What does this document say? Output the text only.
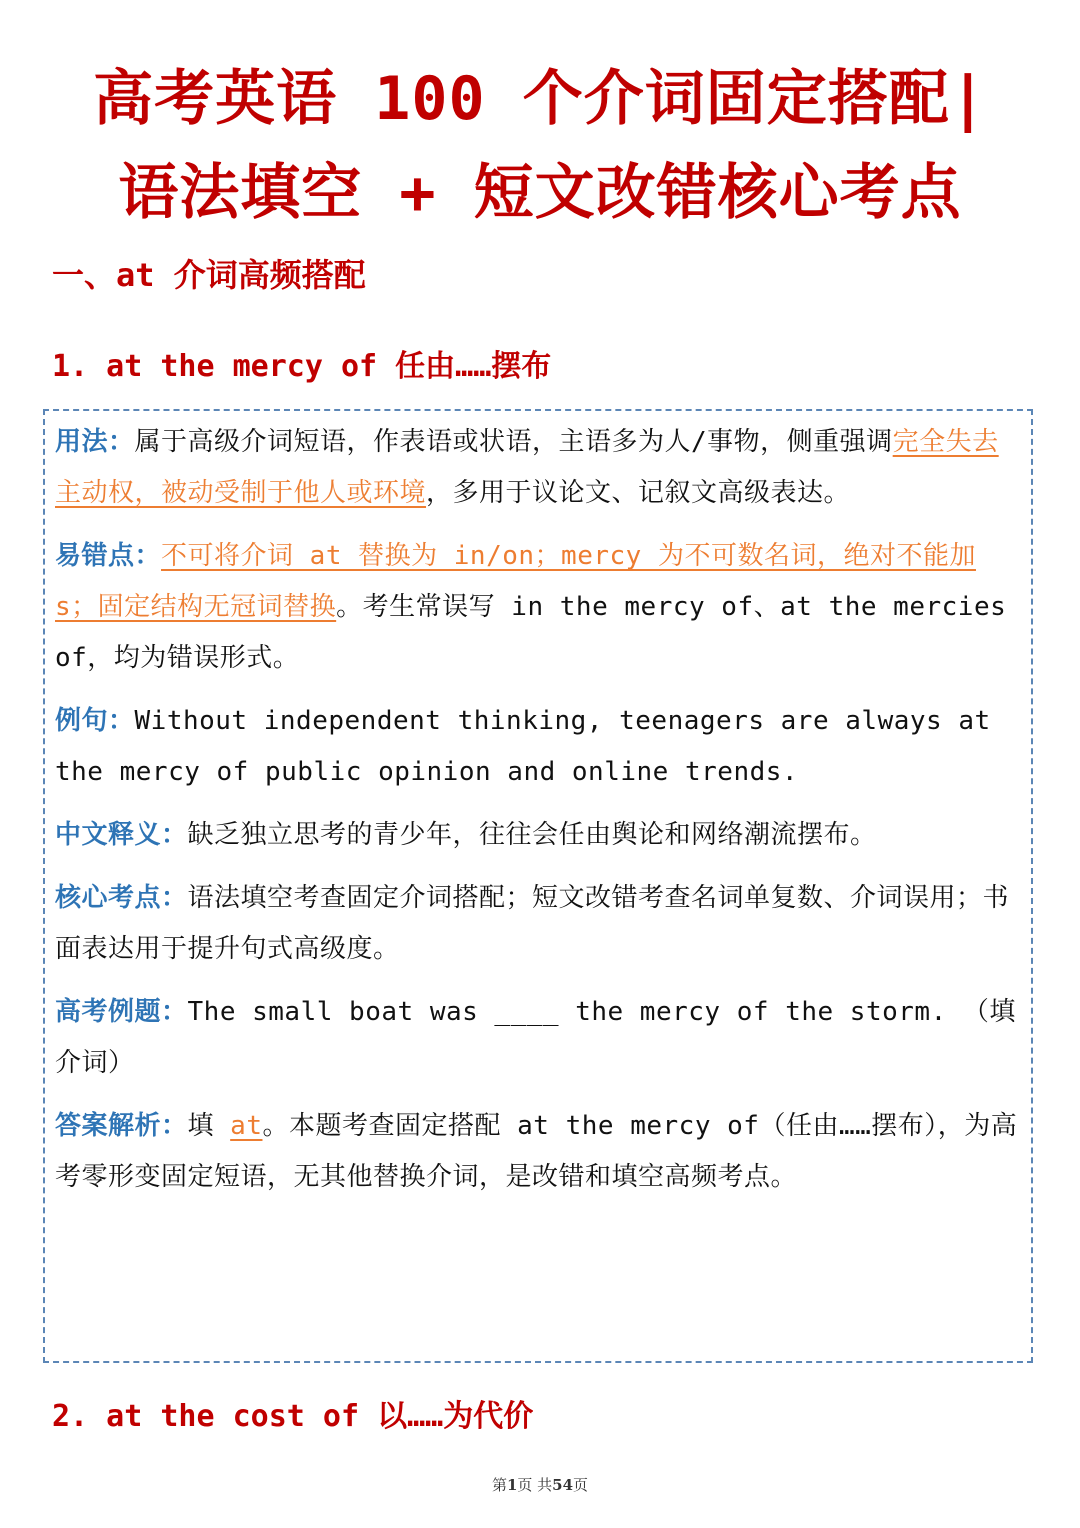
高考英语 100 个介词固定搭配|
语法填空 + 短文改错核心考点
一、at 介词高频搭配
1. at the mercy of 任由……摆布

用法：属于高级介词短语，作表语或状语，主语多为人/事物，侧重强调完全失去主动权，被动受制于他人或环境，多用于议论文、记叙文高级表达。

易错点：不可将介词 at 替换为 in/on；mercy 为不可数名词，绝对不能加 s；固定结构无冠词替换。考生常误写 in the mercy of、at the mercies of，均为错误形式。

例句：Without independent thinking, teenagers are always at the mercy of public opinion and online trends.

中文释义：缺乏独立思考的青少年，往往会任由舆论和网络潮流摆布。

核心考点：语法填空考查固定介词搭配；短文改错考查名词单复数、介词误用；书面表达用于提升句式高级度。

高考例题：The small boat was ____ the mercy of the storm. （填介词）

答案解析：填 at。本题考查固定搭配 at the mercy of（任由……摆布），为高考零形变固定短语，无其他替换介词，是改错和填空高频考点。

2. at the cost of 以……为代价
第1页 共54页
